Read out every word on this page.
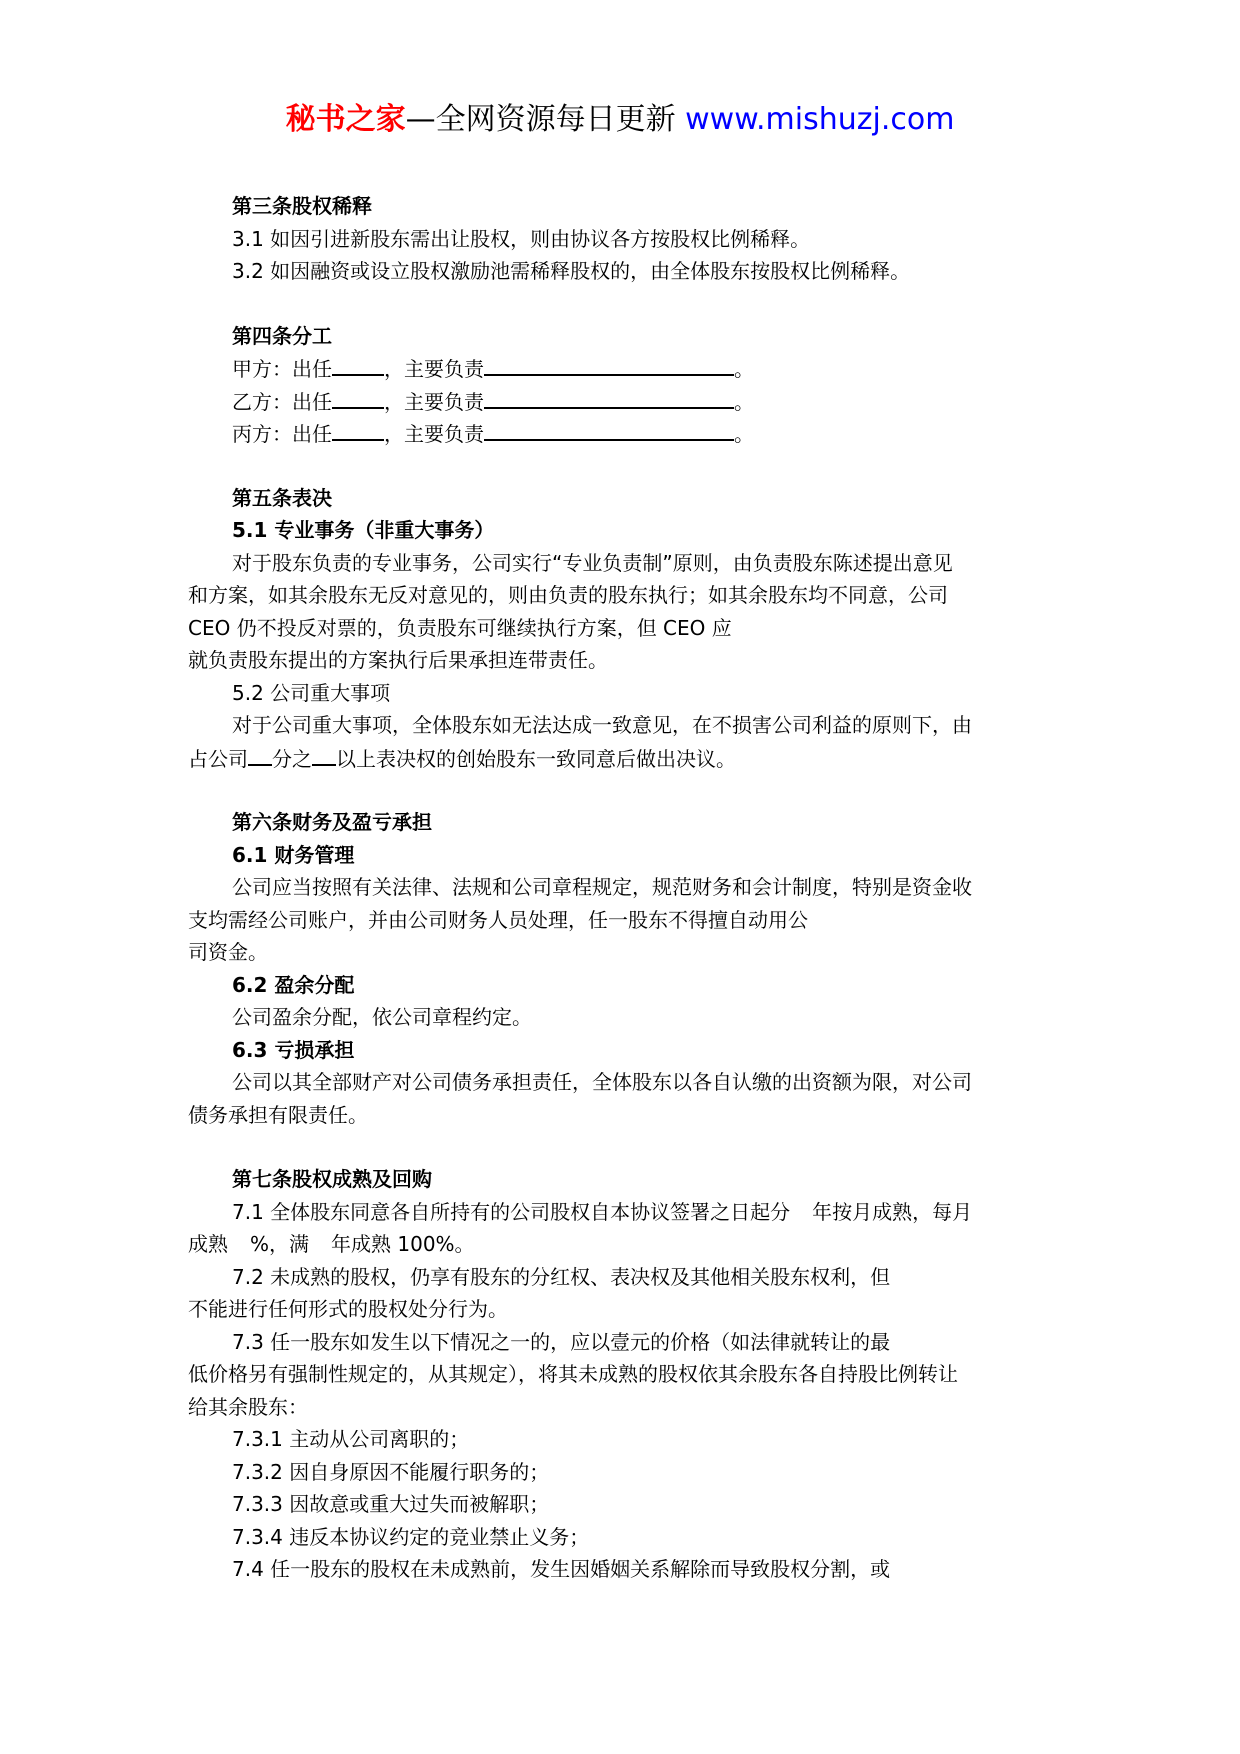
秘书之家—全网资源每日更新 www.mishuzj.com
第三条股权稀释
3.1 如因引进新股东需出让股权，则由协议各方按股权比例稀释。
3.2 如因融资或设立股权激励池需稀释股权的，由全体股东按股权比例稀释。
第四条分工
甲方：出任	，主要负责	。
乙方：出任	，主要负责	。
丙方：出任	，主要负责	。
第五条表决
5.1 专业事务（非重大事务）
对于股东负责的专业事务，公司实行“专业负责制”原则，由负责股东陈述提出意见
和方案，如其余股东无反对意见的，则由负责的股东执行；如其余股东均不同意，公司
CEO 仍不投反对票的，负责股东可继续执行方案，但 CEO 应
就负责股东提出的方案执行后果承担连带责任。
5.2 公司重大事项
对于公司重大事项，全体股东如无法达成一致意见，在不损害公司利益的原则下，由
占公司 分之 以上表决权的创始股东一致同意后做出决议。
第六条财务及盈亏承担
6.1 财务管理
公司应当按照有关法律、法规和公司章程规定，规范财务和会计制度，特别是资金收
支均需经公司账户，并由公司财务人员处理，任一股东不得擅自动用公
司资金。
6.2 盈余分配
公司盈余分配，依公司章程约定。
6.3 亏损承担
公司以其全部财产对公司债务承担责任，全体股东以各自认缴的出资额为限，对公司
债务承担有限责任。
第七条股权成熟及回购
7.1 全体股东同意各自所持有的公司股权自本协议签署之日起分 年按月成熟，每月
成熟 %，满 年成熟 100%。
7.2 未成熟的股权，仍享有股东的分红权、表决权及其他相关股东权利，但
不能进行任何形式的股权处分行为。
7.3 任一股东如发生以下情况之一的，应以壹元的价格（如法律就转让的最
低价格另有强制性规定的，从其规定），将其未成熟的股权依其余股东各自持股比例转让
给其余股东：
7.3.1 主动从公司离职的；
7.3.2 因自身原因不能履行职务的；
7.3.3 因故意或重大过失而被解职；
7.3.4 违反本协议约定的竞业禁止义务；
7.4 任一股东的股权在未成熟前，发生因婚姻关系解除而导致股权分割，或
